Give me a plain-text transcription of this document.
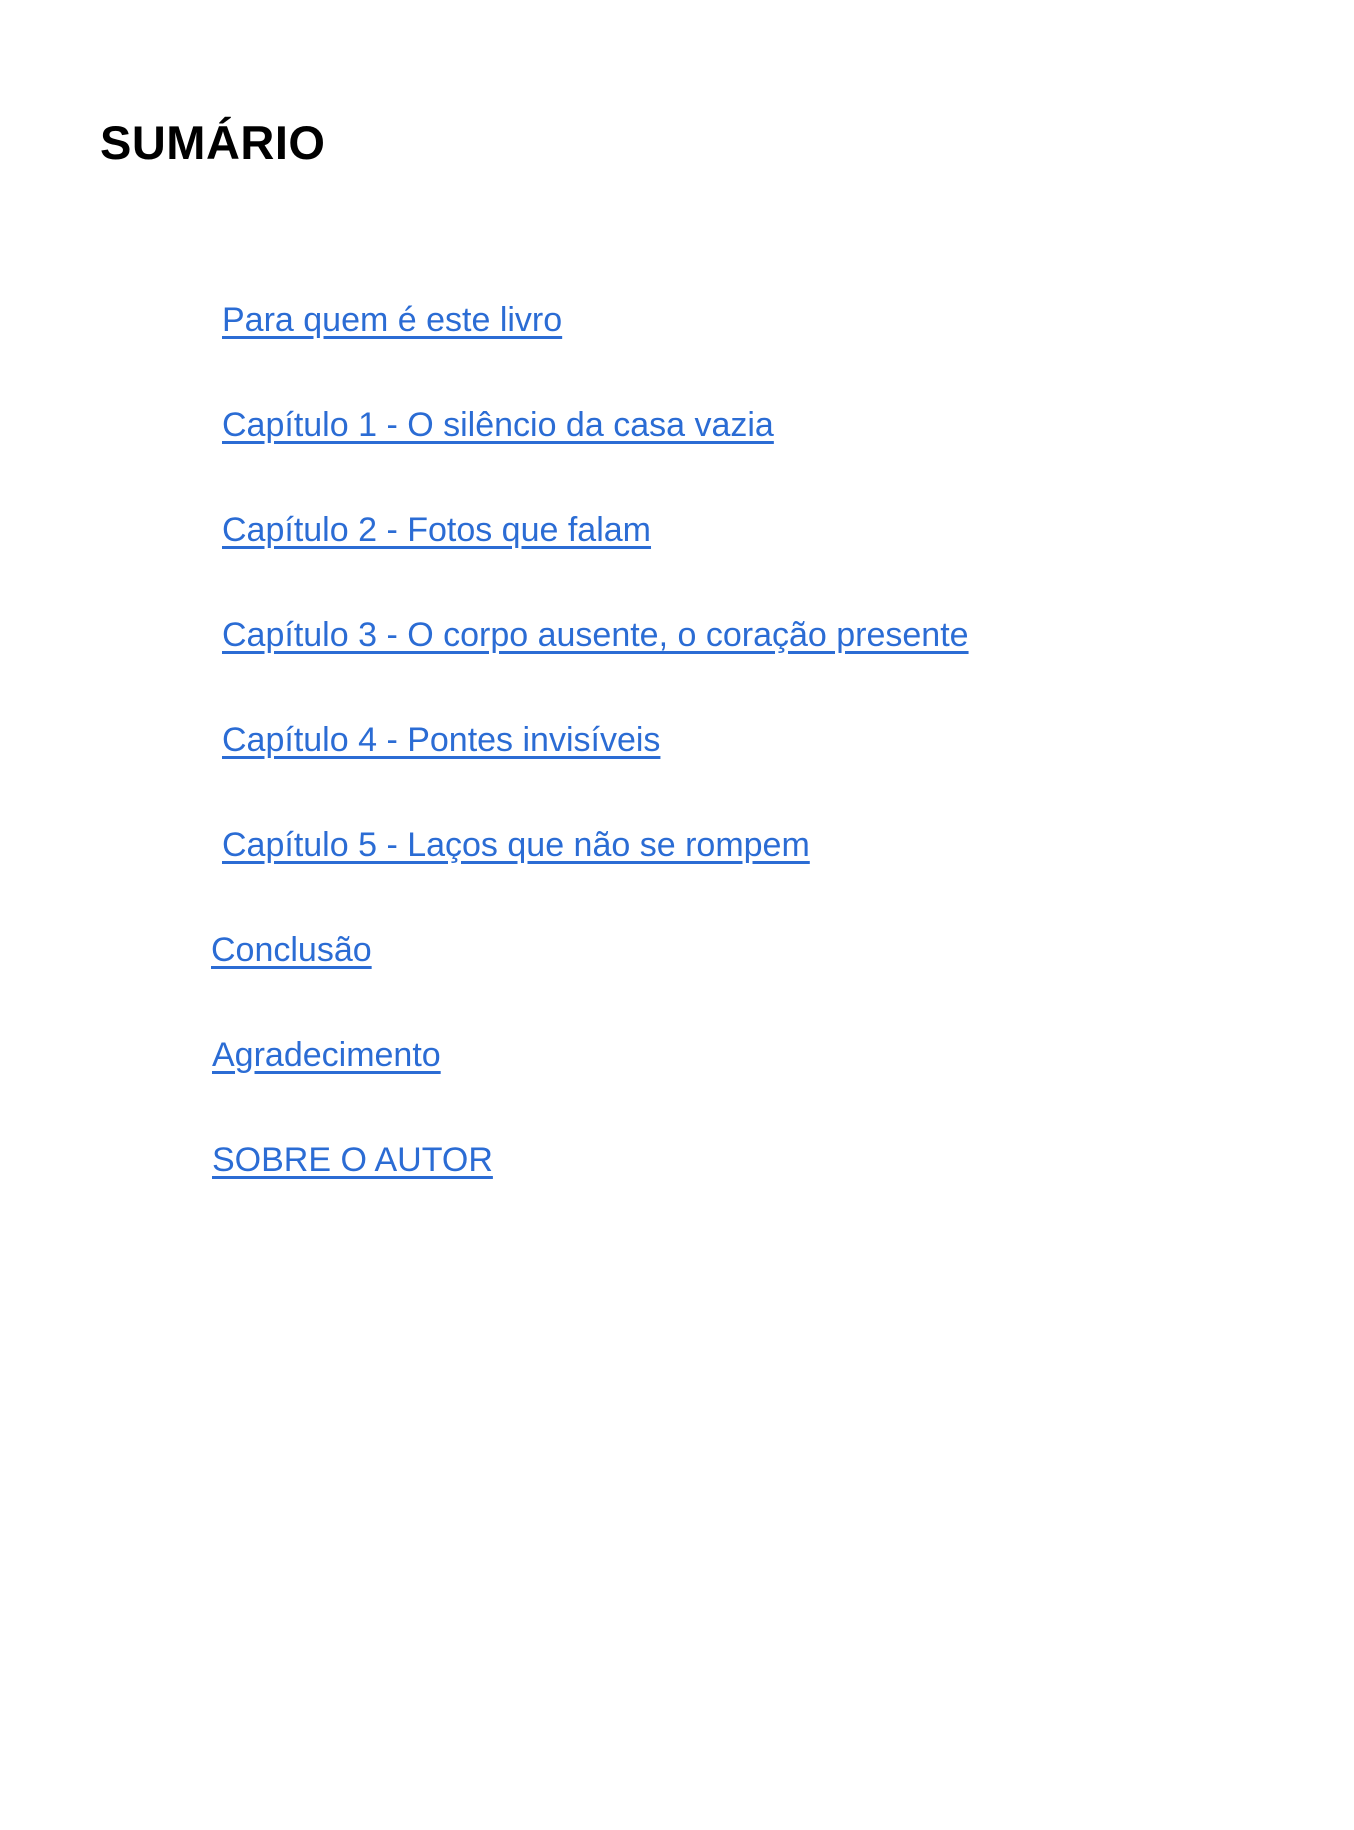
SUMÁRIO
Para quem é este livro
Capítulo 1 - O silêncio da casa vazia
Capítulo 2 - Fotos que falam
Capítulo 3 - O corpo ausente, o coração presente
Capítulo 4 - Pontes invisíveis
Capítulo 5 - Laços que não se rompem
Conclusão
Agradecimento
SOBRE O AUTOR
